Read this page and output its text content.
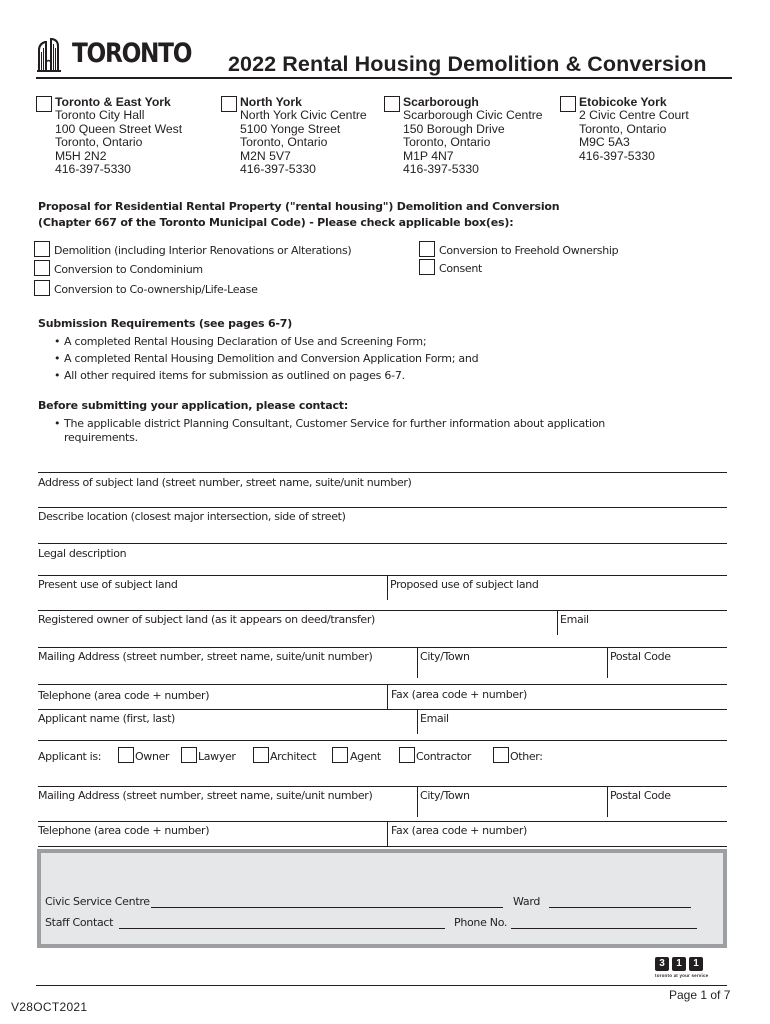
TORONTO 2022 Rental Housing Demolition & Conversion
Toronto & East York
Toronto City Hall
100 Queen Street West
Toronto, Ontario
M5H 2N2
416-397-5330
North York
North York Civic Centre
5100 Yonge Street
Toronto, Ontario
M2N 5V7
416-397-5330
Scarborough
Scarborough Civic Centre
150 Borough Drive
Toronto, Ontario
M1P 4N7
416-397-5330
Etobicoke York
2 Civic Centre Court
Toronto, Ontario
M9C 5A3
416-397-5330
Proposal for Residential Rental Property ("rental housing") Demolition and Conversion
(Chapter 667 of the Toronto Municipal Code) - Please check applicable box(es):
Demolition (including Interior Renovations or Alterations)
Conversion to Condominium
Conversion to Co-ownership/Life-Lease
Conversion to Freehold Ownership
Consent
Submission Requirements (see pages 6-7)
• A completed Rental Housing Declaration of Use and Screening Form;
• A completed Rental Housing Demolition and Conversion Application Form; and
• All other required items for submission as outlined on pages 6-7.
Before submitting your application, please contact:
• The applicable district Planning Consultant, Customer Service for further information about application
requirements.
Address of subject land (street number, street name, suite/unit number)
Describe location (closest major intersection, side of street)
Legal description
Present use of subject land	Proposed use of subject land
Registered owner of subject land (as it appears on deed/transfer)	Email
Mailing Address (street number, street name, suite/unit number)	City/Town	Postal Code
Telephone (area code + number)	Fax (area code + number)
Applicant name (first, last)	Email
Applicant is:	Owner	Lawyer	Architect	Agent	Contractor	Other:
Mailing Address (street number, street name, suite/unit number)	City/Town	Postal Code
Telephone (area code + number)	Fax (area code + number)
Civic Service Centre	Ward
Staff Contact	Phone No.
3 1 1
toronto at your service
Page 1 of 7
V28OCT2021
